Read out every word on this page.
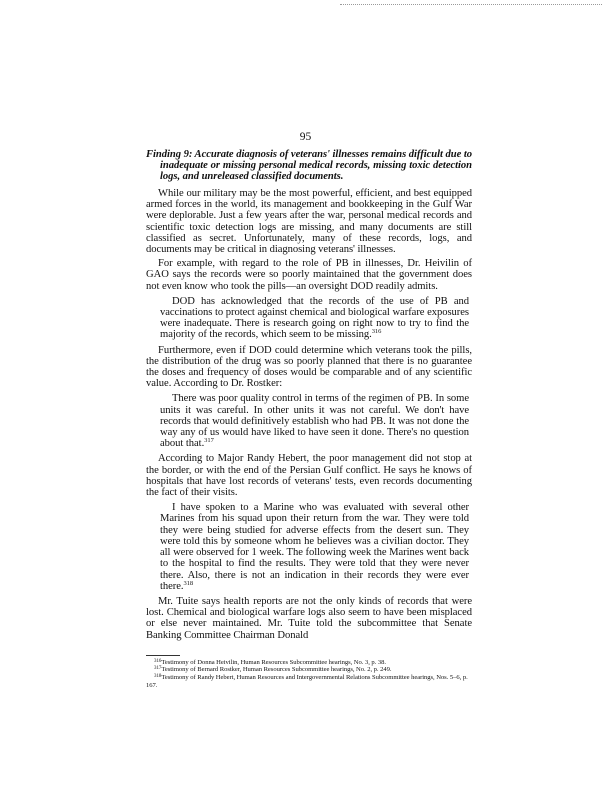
95

Finding 9: Accurate diagnosis of veterans' illnesses remains difficult due to inadequate or missing personal medical records, missing toxic detection logs, and unreleased classified documents.

While our military may be the most powerful, efficient, and best equipped armed forces in the world, its management and bookkeeping in the Gulf War were deplorable. Just a few years after the war, personal medical records and scientific toxic detection logs are missing, and many documents are still classified as secret. Unfortunately, many of these records, logs, and documents may be critical in diagnosing veterans' illnesses.

For example, with regard to the role of PB in illnesses, Dr. Heivilin of GAO says the records were so poorly maintained that the government does not even know who took the pills—an oversight DOD readily admits.

DOD has acknowledged that the records of the use of PB and vaccinations to protect against chemical and biological warfare exposures were inadequate. There is research going on right now to try to find the majority of the records, which seem to be missing.$^{316}$

Furthermore, even if DOD could determine which veterans took the pills, the distribution of the drug was so poorly planned that there is no guarantee the doses and frequency of doses would be comparable and of any scientific value. According to Dr. Rostker:

There was poor quality control in terms of the regimen of PB. In some units it was careful. In other units it was not careful. We don't have records that would definitively establish who had PB. It was not done the way any of us would have liked to have seen it done. There's no question about that.$^{317}$

According to Major Randy Hebert, the poor management did not stop at the border, or with the end of the Persian Gulf conflict. He says he knows of hospitals that have lost records of veterans' tests, even records documenting the fact of their visits.

I have spoken to a Marine who was evaluated with several other Marines from his squad upon their return from the war. They were told they were being studied for adverse effects from the desert sun. They were told this by someone whom he believes was a civilian doctor. They all were observed for 1 week. The following week the Marines went back to the hospital to find the results. They were told that they were never there. Also, there is not an indication in their records they were ever there.$^{318}$

Mr. Tuite says health reports are not the only kinds of records that were lost. Chemical and biological warfare logs also seem to have been misplaced or else never maintained. Mr. Tuite told the subcommittee that Senate Banking Committee Chairman Donald

$^{316}$Testimony of Donna Heivilin, Human Resources Subcommittee hearings, No. 3, p. 38.

$^{317}$Testimony of Bernard Rostker, Human Resources Subcommittee hearings, No. 2, p. 249.

$^{318}$Testimony of Randy Hebert, Human Resources and Intergovernmental Relations Subcommittee hearings, Nos. 5–6, p. 167.
